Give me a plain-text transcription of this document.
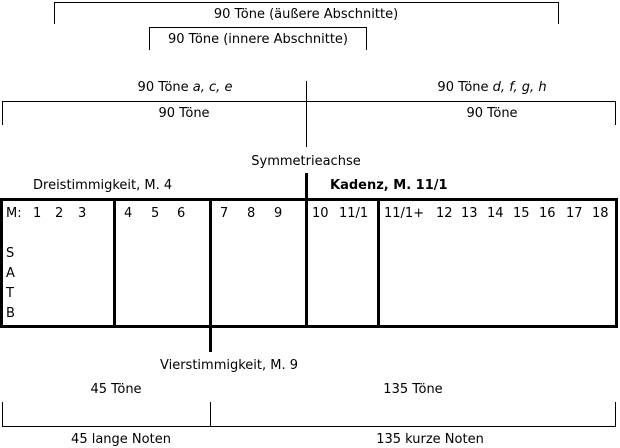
90 Töne (äußere Abschnitte)
90 Töne (innere Abschnitte)
90 Töne a, c, e	90 Töne d, f, g, h
90 Töne	90 Töne
Symmetrieachse
Dreistimmigkeit, M. 4	Kadenz, M. 11/1
M: 1 2 3	4 5 6	7 8 9 10 11/1 11/1+ 12 13 14 15 16 17 18
S
A
T
B
Vierstimmigkeit, M. 9
45 Töne	135 Töne
45 lange Noten	135 kurze Noten
